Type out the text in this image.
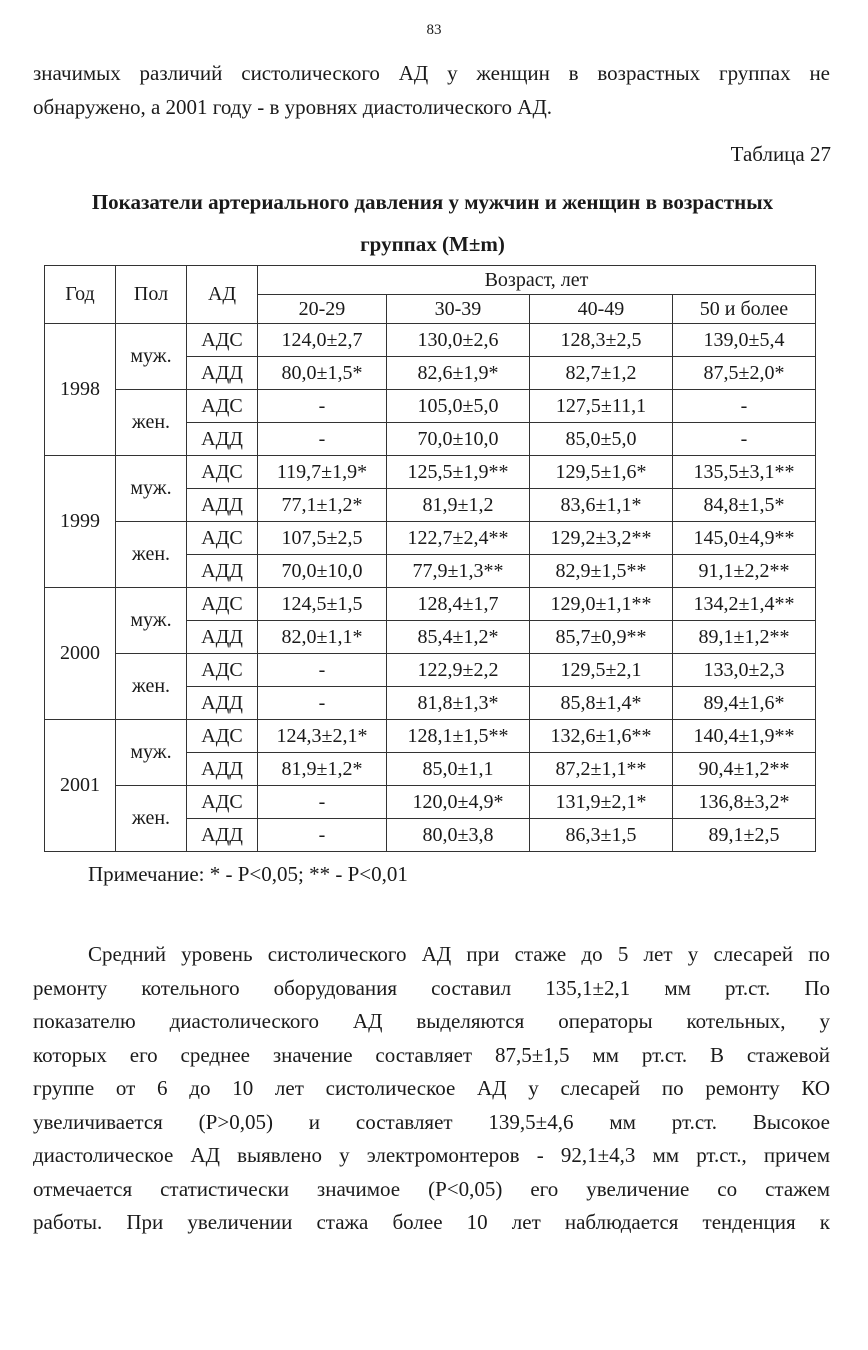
83
значимых различий систолического АД у женщин в возрастных группах не
обнаружено, а 2001 году - в уровнях диастолического АД.
Таблица 27
Показатели артериального давления у мужчин и женщин в возрастных
группах (M±m)
Год	Пол	АД	Возраст, лет			
			20-29	30-39	40-49	50 и более
1998	муж.	АДС	124,0±2,7	130,0±2,6	128,3±2,5	139,0±5,4
		АДД	80,0±1,5*	82,6±1,9*	82,7±1,2	87,5±2,0*
	жен.	АДС	-	105,0±5,0	127,5±11,1	-
		АДД	-	70,0±10,0	85,0±5,0	-
1999	муж.	АДС	119,7±1,9*	125,5±1,9**	129,5±1,6*	135,5±3,1**
		АДД	77,1±1,2*	81,9±1,2	83,6±1,1*	84,8±1,5*
	жен.	АДС	107,5±2,5	122,7±2,4**	129,2±3,2**	145,0±4,9**
		АДД	70,0±10,0	77,9±1,3**	82,9±1,5**	91,1±2,2**
2000	муж.	АДС	124,5±1,5	128,4±1,7	129,0±1,1**	134,2±1,4**
		АДД	82,0±1,1*	85,4±1,2*	85,7±0,9**	89,1±1,2**
	жен.	АДС	-	122,9±2,2	129,5±2,1	133,0±2,3
		АДД	-	81,8±1,3*	85,8±1,4*	89,4±1,6*
2001	муж.	АДС	124,3±2,1*	128,1±1,5**	132,6±1,6**	140,4±1,9**
		АДД	81,9±1,2*	85,0±1,1	87,2±1,1**	90,4±1,2**
	жен.	АДС	-	120,0±4,9*	131,9±2,1*	136,8±3,2*
		АДД	-	80,0±3,8	86,3±1,5	89,1±2,5
Примечание: * - P<0,05; ** - P<0,01
Средний уровень систолического АД при стаже до 5 лет у слесарей по
ремонту котельного оборудования составил 135,1±2,1 мм рт.ст. По
показателю диастолического АД выделяются операторы котельных, у
которых его среднее значение составляет 87,5±1,5 мм рт.ст. В стажевой
группе от 6 до 10 лет систолическое АД у слесарей по ремонту КО
увеличивается (P>0,05) и составляет 139,5±4,6 мм рт.ст. Высокое
диастолическое АД выявлено у электромонтеров - 92,1±4,3 мм рт.ст., причем
отмечается статистически значимое (P<0,05) его увеличение со стажем
работы. При увеличении стажа более 10 лет наблюдается тенденция к
